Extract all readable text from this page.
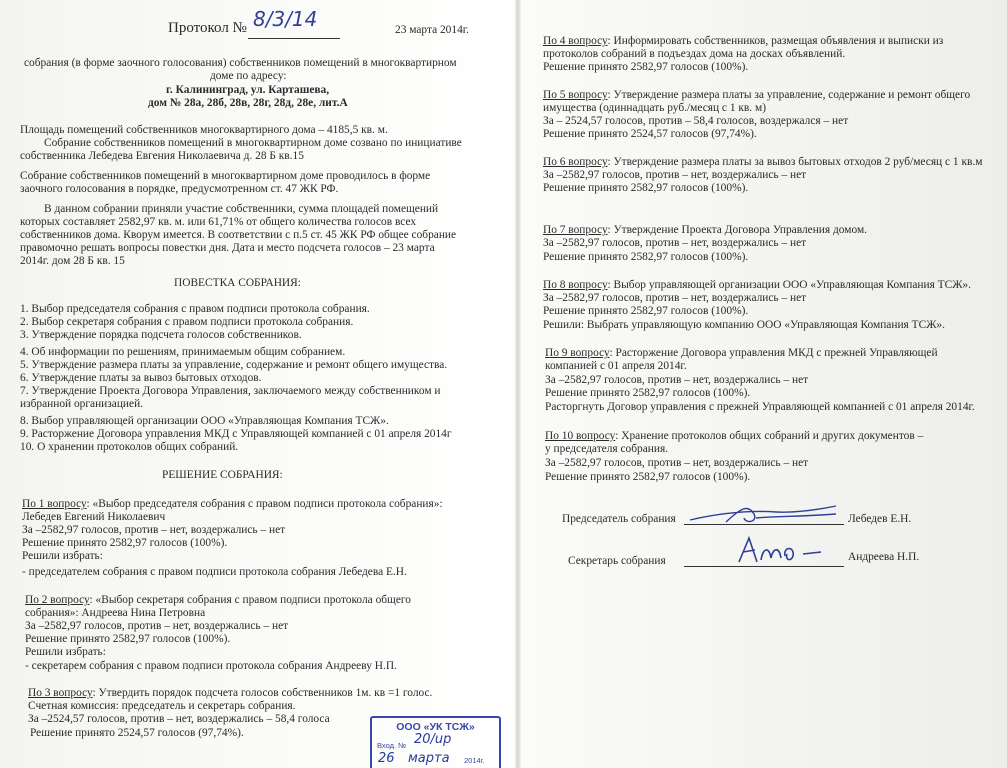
Протокол № 8/3/14	23 марта 2014г.
собрания (в форме заочного голосования) собственников помещений в многоквартирном
доме по адресу:
г. Калининград, ул. Карташева,
дом № 28а, 28б, 28в, 28г, 28д, 28е, лит.А
Площадь помещений собственников многоквартирного дома – 4185,5 кв. м.
Собрание собственников помещений в многоквартирном доме созвано по инициативе
собственника Лебедева Евгения Николаевича д. 28 Б кв.15
Собрание собственников помещений в многоквартирном доме проводилось в форме
заочного голосования в порядке, предусмотренном ст. 47 ЖК РФ.
В данном собрании приняли участие собственники, сумма площадей помещений
которых составляет 2582,97 кв. м. или 61,71% от общего количества голосов всех
собственников дома. Кворум имеется. В соответствии с п.5 ст. 45 ЖК РФ общее собрание
правомочно решать вопросы повестки дня. Дата и место подсчета голосов – 23 марта
2014г. дом 28 Б кв. 15
ПОВЕСТКА СОБРАНИЯ:
1. Выбор председателя собрания с правом подписи протокола собрания.
2. Выбор секретаря собрания с правом подписи протокола собрания.
3. Утверждение порядка подсчета голосов собственников.
4. Об информации по решениям, принимаемым общим собранием.
5. Утверждение размера платы за управление, содержание и ремонт общего имущества.
6. Утверждение платы за вывоз бытовых отходов.
7. Утверждение Проекта Договора Управления, заключаемого между собственником и
избранной организацией.
8. Выбор управляющей организации ООО «Управляющая Компания ТСЖ».
9. Расторжение Договора управления МКД с Управляющей компанией с 01 апреля 2014г
10. О хранении протоколов общих собраний.
РЕШЕНИЕ СОБРАНИЯ:
По 1 вопросу: «Выбор председателя собрания с правом подписи протокола собрания»:
Лебедев Евгений Николаевич
За –2582,97 голосов, против – нет, воздержались – нет
Решение принято 2582,97 голосов (100%).
Решили избрать:
- председателем собрания с правом подписи протокола собрания Лебедева Е.Н.
По 2 вопросу: «Выбор секретаря собрания с правом подписи протокола общего
собрания»: Андреева Нина Петровна
За –2582,97 голосов, против – нет, воздержались – нет
Решение принято 2582,97 голосов (100%).
Решили избрать:
- секретарем собрания с правом подписи протокола собрания Андрееву Н.П.
По 3 вопросу: Утвердить порядок подсчета голосов собственников 1м. кв =1 голос.
Счетная комиссия: председатель и секретарь собрания.
За –2524,57 голосов, против – нет, воздержались – 58,4 голоса
Решение принято 2524,57 голосов (97,74%).	ООО «УК ТСЖ»
Вход. № 20/up
26 марта 2014г.
По 4 вопросу: Информировать собственников, размещая объявления и выписки из
протоколов собраний в подъездах дома на досках объявлений.
Решение принято 2582,97 голосов (100%).
По 5 вопросу: Утверждение размера платы за управление, содержание и ремонт общего
имущества (одиннадцать руб./месяц с 1 кв. м)
За – 2524,57 голосов, против – 58,4 голосов, воздержался – нет
Решение принято 2524,57 голосов (97,74%).
По 6 вопросу: Утверждение размера платы за вывоз бытовых отходов 2 руб/месяц с 1 кв.м
За –2582,97 голосов, против – нет, воздержались – нет
Решение принято 2582,97 голосов (100%).
По 7 вопросу: Утверждение Проекта Договора Управления домом.
За –2582,97 голосов, против – нет, воздержались – нет
Решение принято 2582,97 голосов (100%).
По 8 вопросу: Выбор управляющей организации ООО «Управляющая Компания ТСЖ».
За –2582,97 голосов, против – нет, воздержались – нет
Решение принято 2582,97 голосов (100%).
Решили: Выбрать управляющую компанию ООО «Управляющая Компания ТСЖ».
По 9 вопросу: Расторжение Договора управления МКД с прежней Управляющей
компанией с 01 апреля 2014г.
За –2582,97 голосов, против – нет, воздержались – нет
Решение принято 2582,97 голосов (100%).
Расторгнуть Договор управления с прежней Управляющей компанией с 01 апреля 2014г.
По 10 вопросу: Хранение протоколов общих собраний и других документов –
у председателя собрания.
За –2582,97 голосов, против – нет, воздержались – нет
Решение принято 2582,97 голосов (100%).
Председатель собрания	Лебедев Е.Н.
Секретарь собрания	Андреева Н.П.
